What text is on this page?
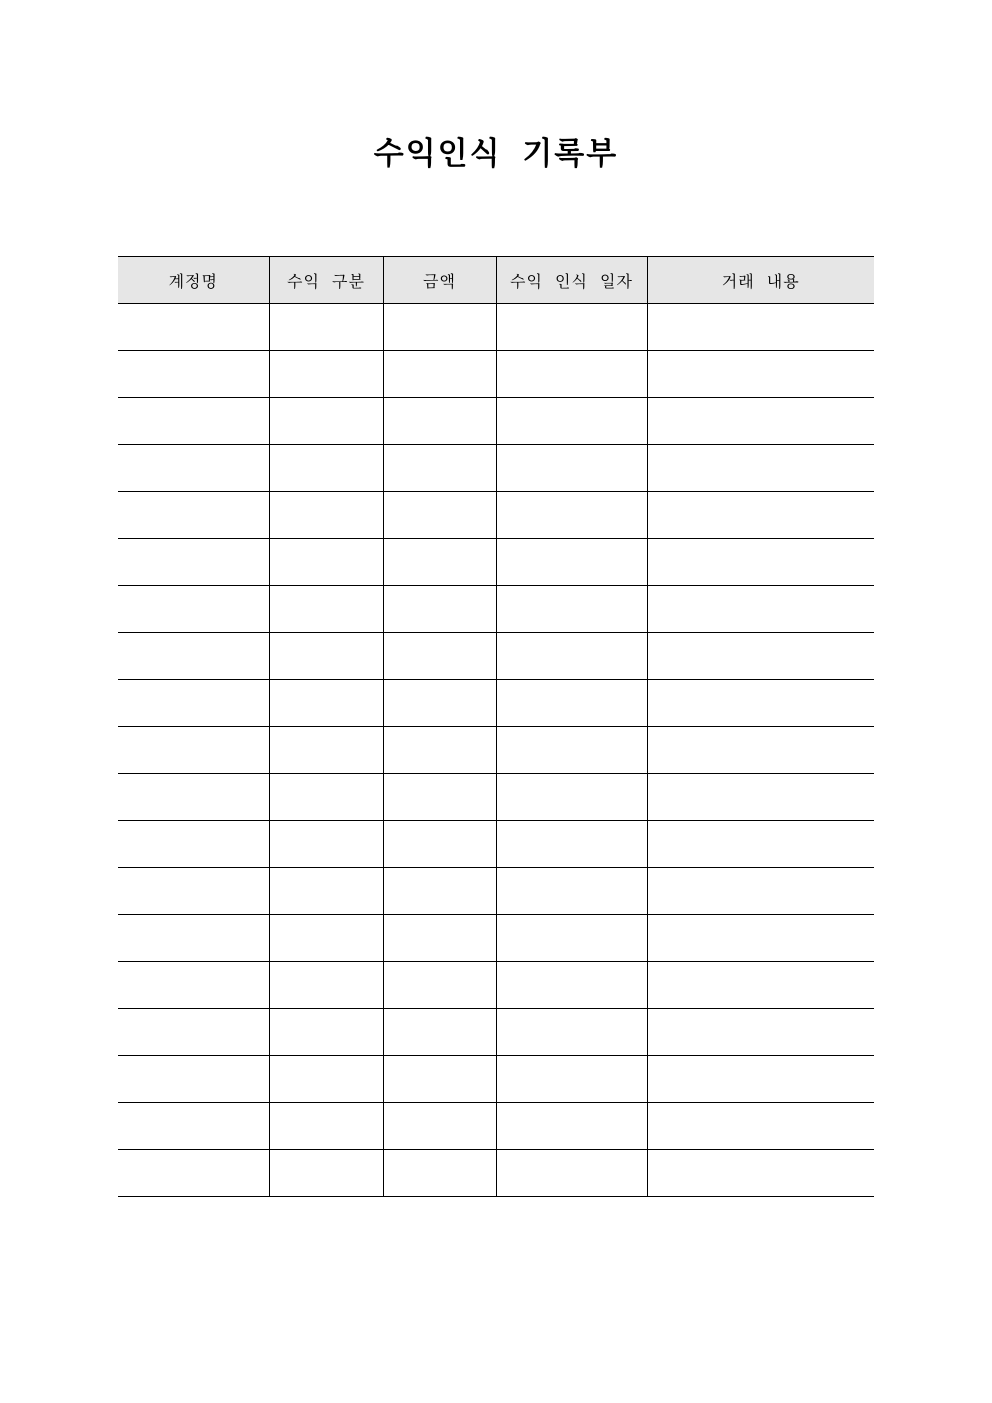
수익인식 기록부
계정명	수익 구분	금액	수익 인식 일자	거래 내용
